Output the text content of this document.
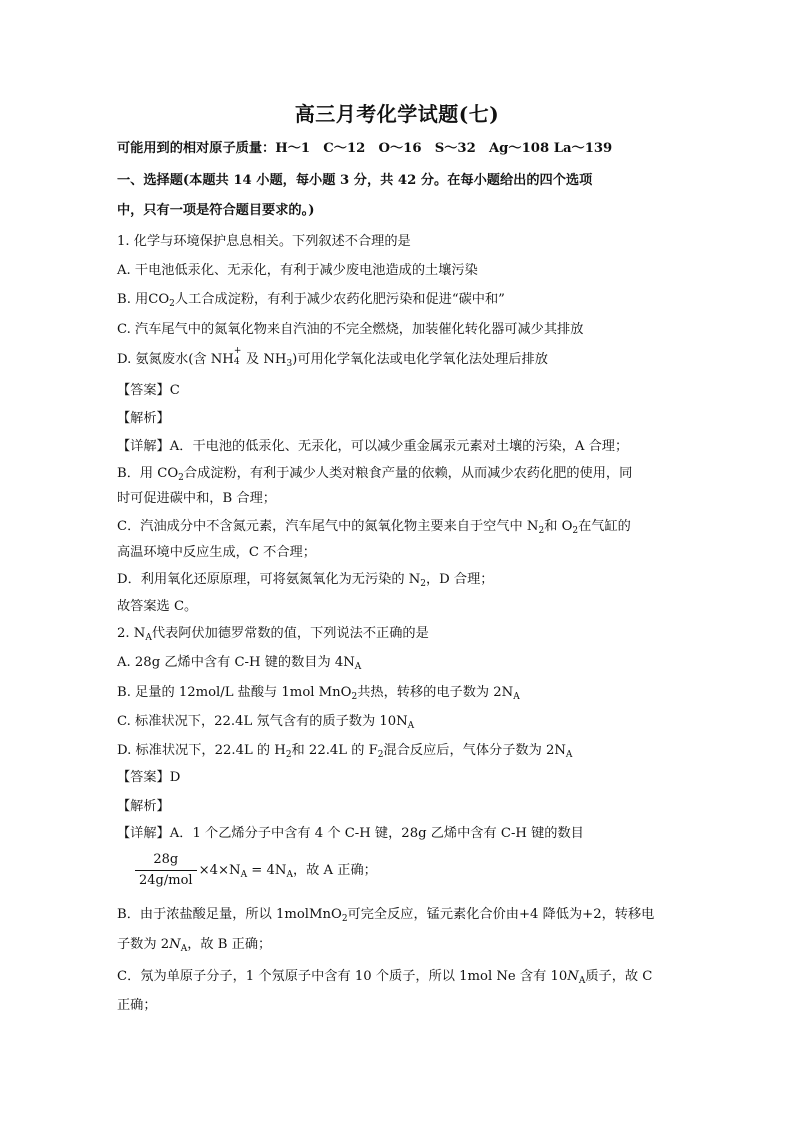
高三月考化学试题(七)
可能用到的相对原子质量：H～1　C～12　O～16　S～32　Ag～108 La～139
一、选择题(本题共 14 小题，每小题 3 分，共 42 分。在每小题给出的四个选项
中，只有一项是符合题目要求的。)
1. 化学与环境保护息息相关。下列叙述不合理的是
A. 干电池低汞化、无汞化，有利于减少废电池造成的土壤污染
B. 用$CO_2$人工合成淀粉，有利于减少农药化肥污染和促进“碳中和”
C. 汽车尾气中的氮氧化物来自汽油的不完全燃烧，加装催化转化器可减少其排放
D. 氨氮废水(含 NH
+
4 及 $NH_3$)可用化学氧化法或电化学氧化法处理后排放
【答案】C
【解析】
【详解】A．干电池的低汞化、无汞化，可以减少重金属汞元素对土壤的污染，A 合理；
B．用 $CO_2$合成淀粉，有利于减少人类对粮食产量的依赖，从而减少农药化肥的使用，同
时可促进碳中和，B 合理；
C．汽油成分中不含氮元素，汽车尾气中的氮氧化物主要来自于空气中 $N_2$和 $O_2$在气缸的
高温环境中反应生成，C 不合理；
D．利用氧化还原原理，可将氨氮氧化为无污染的 $N_2$，D 合理；
故答案选 C。
2. $N_A$代表阿伏加德罗常数的值，下列说法不正确的是
A. 28g 乙烯中含有 C-H 键的数目为 $4N_A$
B. 足量的 12mol/L 盐酸与 1mol MnO$_2$共热，转移的电子数为 $2N_A$
C. 标准状况下，22.4L 氖气含有的质子数为 $10N_A$
D. 标准状况下，22.4L 的 $H_2$和 22.4L 的 $F_2$混合反应后，气体分子数为 $2N_A$
【答案】D
【解析】
【详解】A．1 个乙烯分子中含有 4 个 C-H 键，28g 乙烯中含有 C-H 键的数目
$\frac{28g}{\text{24g/mol}} \times 4\times N_A = 4N_A$，故 A 正确；
B．由于浓盐酸足量，所以 1molMnO$_2$可完全反应，锰元素化合价由+4 降低为+2，转移电
子数为 $2N_A$，故 B 正确；
C．氖为单原子分子，1 个氖原子中含有 10 个质子，所以 1mol Ne 含有 $10N_A$质子，故 C
正确；
